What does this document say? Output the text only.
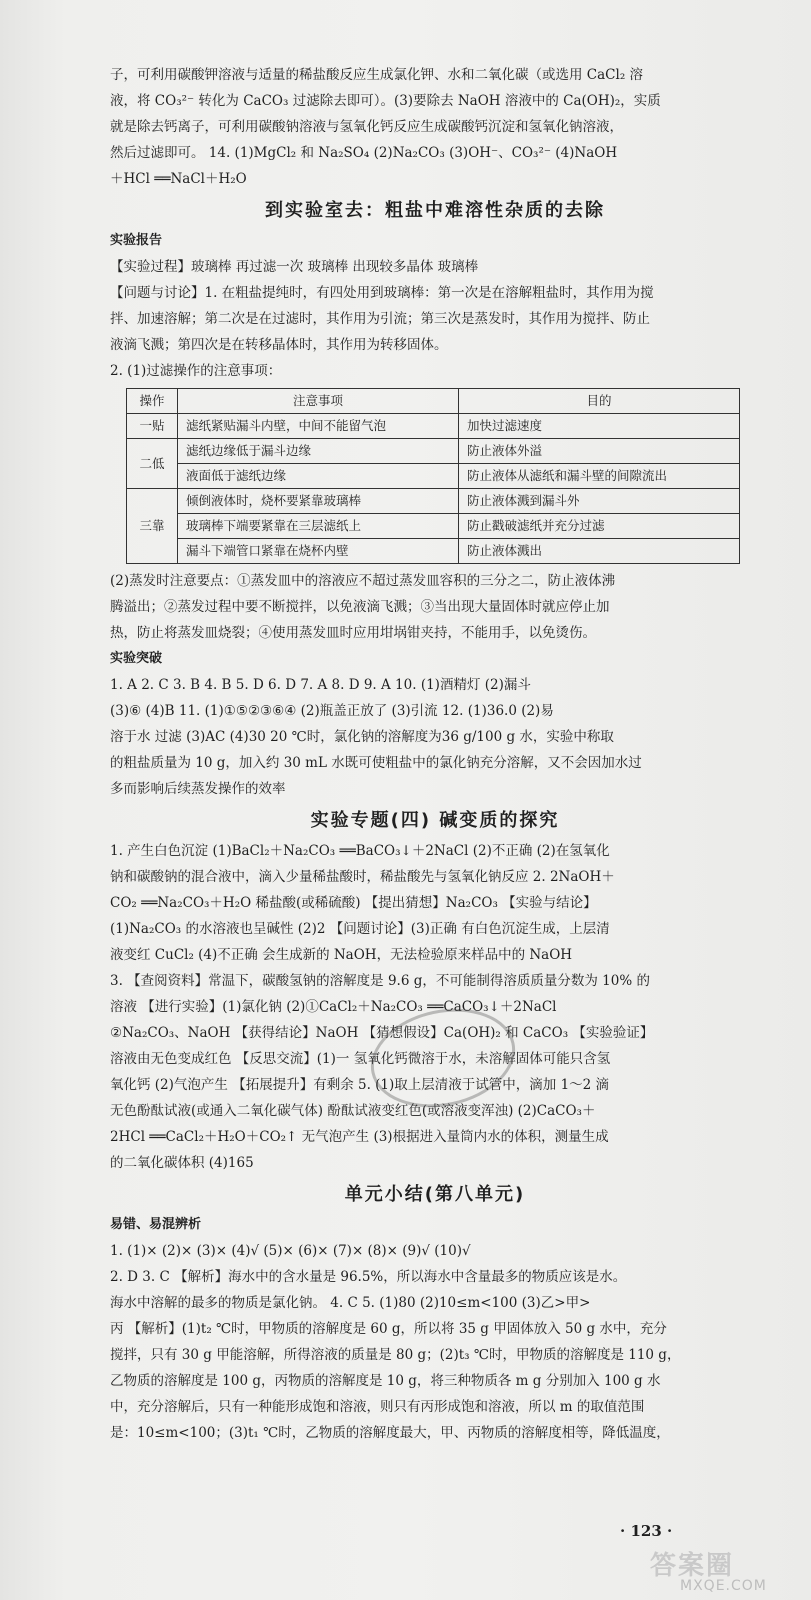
子，可利用碳酸钾溶液与适量的稀盐酸反应生成氯化钾、水和二氧化碳（或选用 CaCl₂ 溶

液，将 CO₃²⁻ 转化为 CaCO₃ 过滤除去即可）。(3)要除去 NaOH 溶液中的 Ca(OH)₂，实质

就是除去钙离子，可利用碳酸钠溶液与氢氧化钙反应生成碳酸钙沉淀和氢氧化钠溶液，

然后过滤即可。 14. (1)MgCl₂ 和 Na₂SO₄ (2)Na₂CO₃ (3)OH⁻、CO₃²⁻ (4)NaOH

＋HCl ══NaCl＋H₂O

到实验室去：粗盐中难溶性杂质的去除
实验报告

【实验过程】玻璃棒 再过滤一次 玻璃棒 出现较多晶体 玻璃棒

【问题与讨论】1. 在粗盐提纯时，有四处用到玻璃棒：第一次是在溶解粗盐时，其作用为搅

拌、加速溶解；第二次是在过滤时，其作用为引流；第三次是蒸发时，其作用为搅拌、防止

液滴飞溅；第四次是在转移晶体时，其作用为转移固体。

2. (1)过滤操作的注意事项：

操作	注意事项	目的
一贴	滤纸紧贴漏斗内壁，中间不能留气泡	加快过滤速度
二低	滤纸边缘低于漏斗边缘	防止液体外溢
	液面低于滤纸边缘	防止液体从滤纸和漏斗壁的间隙流出
三靠	倾倒液体时，烧杯要紧靠玻璃棒	防止液体溅到漏斗外
	玻璃棒下端要紧靠在三层滤纸上	防止戳破滤纸并充分过滤
	漏斗下端管口紧靠在烧杯内壁	防止液体溅出

(2)蒸发时注意要点：①蒸发皿中的溶液应不超过蒸发皿容积的三分之二，防止液体沸

腾溢出；②蒸发过程中要不断搅拌，以免液滴飞溅；③当出现大量固体时就应停止加

热，防止将蒸发皿烧裂；④使用蒸发皿时应用坩埚钳夹持，不能用手，以免烫伤。

实验突破

1. A 2. C 3. B 4. B 5. D 6. D 7. A 8. D 9. A 10. (1)酒精灯 (2)漏斗

(3)⑥ (4)B 11. (1)①⑤②③⑥④ (2)瓶盖正放了 (3)引流 12. (1)36.0 (2)易

溶于水 过滤 (3)AC (4)30 20 ℃时，氯化钠的溶解度为36 g/100 g 水，实验中称取

的粗盐质量为 10 g，加入约 30 mL 水既可使粗盐中的氯化钠充分溶解，又不会因加水过

多而影响后续蒸发操作的效率

实验专题(四) 碱变质的探究

1. 产生白色沉淀 (1)BaCl₂＋Na₂CO₃ ══BaCO₃↓＋2NaCl (2)不正确 (2)在氢氧化

钠和碳酸钠的混合液中，滴入少量稀盐酸时，稀盐酸先与氢氧化钠反应 2. 2NaOH＋

CO₂ ══Na₂CO₃＋H₂O 稀盐酸(或稀硫酸) 【提出猜想】Na₂CO₃ 【实验与结论】

(1)Na₂CO₃ 的水溶液也呈碱性 (2)2 【问题讨论】(3)正确 有白色沉淀生成，上层清

液变红 CuCl₂ (4)不正确 会生成新的 NaOH，无法检验原来样品中的 NaOH

3. 【查阅资料】常温下，碳酸氢钠的溶解度是 9.6 g，不可能制得溶质质量分数为 10% 的

溶液 【进行实验】(1)氯化钠 (2)①CaCl₂＋Na₂CO₃ ══CaCO₃↓＋2NaCl

②Na₂CO₃、NaOH 【获得结论】NaOH 【猜想假设】Ca(OH)₂ 和 CaCO₃ 【实验验证】

溶液由无色变成红色 【反思交流】(1)一 氢氧化钙微溶于水，未溶解固体可能只含氢

氧化钙 (2)气泡产生 【拓展提升】有剩余 5. (1)取上层清液于试管中，滴加 1～2 滴

无色酚酞试液(或通入二氧化碳气体) 酚酞试液变红色(或溶液变浑浊) (2)CaCO₃＋

2HCl ══CaCl₂＋H₂O＋CO₂↑ 无气泡产生 (3)根据进入量筒内水的体积，测量生成

的二氧化碳体积 (4)165

单元小结(第八单元)
易错、易混辨析

1. (1)× (2)× (3)× (4)√ (5)× (6)× (7)× (8)× (9)√ (10)√

2. D 3. C 【解析】海水中的含水量是 96.5%，所以海水中含量最多的物质应该是水。

海水中溶解的最多的物质是氯化钠。 4. C 5. (1)80 (2)10≤m<100 (3)乙>甲>

丙 【解析】(1)t₂ ℃时，甲物质的溶解度是 60 g，所以将 35 g 甲固体放入 50 g 水中，充分

搅拌，只有 30 g 甲能溶解，所得溶液的质量是 80 g；(2)t₃ ℃时，甲物质的溶解度是 110 g，

乙物质的溶解度是 100 g，丙物质的溶解度是 10 g，将三种物质各 m g 分别加入 100 g 水

中，充分溶解后，只有一种能形成饱和溶液，则只有丙形成饱和溶液，所以 m 的取值范围

是：10≤m<100；(3)t₁ ℃时，乙物质的溶解度最大，甲、丙物质的溶解度相等，降低温度，

· 123 ·
答案圈
MXQE.COM
